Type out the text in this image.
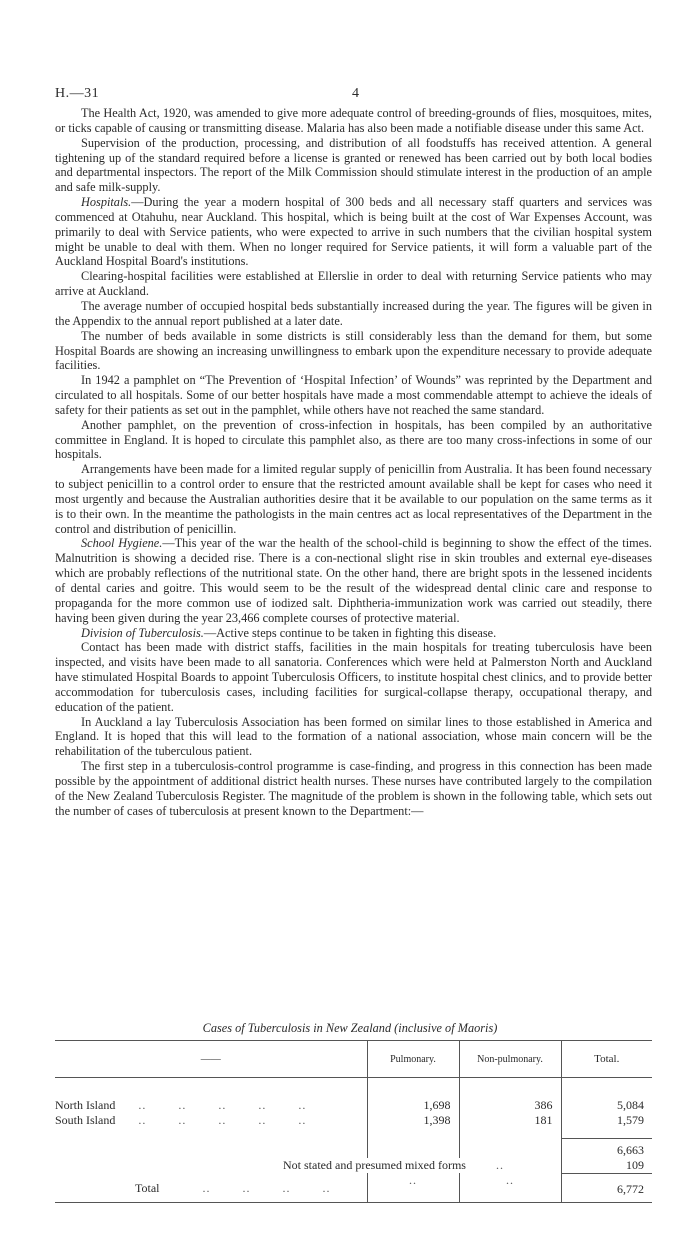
H.—31	4

The Health Act, 1920, was amended to give more adequate control of breeding-grounds of flies, mosquitoes, mites, or ticks capable of causing or transmitting disease. Malaria has also been made a notifiable disease under this same Act.

Supervision of the production, processing, and distribution of all foodstuffs has received attention. A general tightening up of the standard required before a license is granted or renewed has been carried out by both local bodies and departmental inspectors. The report of the Milk Commission should stimulate interest in the production of an ample and safe milk-supply.

Hospitals.—During the year a modern hospital of 300 beds and all necessary staff quarters and services was commenced at Otahuhu, near Auckland. This hospital, which is being built at the cost of War Expenses Account, was primarily to deal with Service patients, who were expected to arrive in such numbers that the civilian hospital system might be unable to deal with them. When no longer required for Service patients, it will form a valuable part of the Auckland Hospital Board's institutions.

Clearing-hospital facilities were established at Ellerslie in order to deal with returning Service patients who may arrive at Auckland.

The average number of occupied hospital beds substantially increased during the year. The figures will be given in the Appendix to the annual report published at a later date.

The number of beds available in some districts is still considerably less than the demand for them, but some Hospital Boards are showing an increasing unwillingness to embark upon the expenditure necessary to provide adequate facilities.

In 1942 a pamphlet on “The Prevention of ‘Hospital Infection’ of Wounds” was reprinted by the Department and circulated to all hospitals. Some of our better hospitals have made a most commendable attempt to achieve the ideals of safety for their patients as set out in the pamphlet, while others have not reached the same standard.

Another pamphlet, on the prevention of cross-infection in hospitals, has been compiled by an authoritative committee in England. It is hoped to circulate this pamphlet also, as there are too many cross-infections in some of our hospitals.

Arrangements have been made for a limited regular supply of penicillin from Australia. It has been found necessary to subject penicillin to a control order to ensure that the restricted amount available shall be kept for cases who need it most urgently and because the Australian authorities desire that it be available to our population on the same terms as it is to their own. In the meantime the pathologists in the main centres act as local representatives of the Department in the control and distribution of penicillin.

School Hygiene.—This year of the war the health of the school-child is beginning to show the effect of the times. Malnutrition is showing a decided rise. There is a con-nectional slight rise in skin troubles and external eye-diseases which are probably reflections of the nutritional state. On the other hand, there are bright spots in the lessened incidents of dental caries and goitre. This would seem to be the result of the widespread dental clinic care and response to propaganda for the more common use of iodized salt. Diphtheria-immunization work was carried out steadily, there having been given during the year 23,466 complete courses of protective material.

Division of Tuberculosis.—Active steps continue to be taken in fighting this disease.

Contact has been made with district staffs, facilities in the main hospitals for treating tuberculosis have been inspected, and visits have been made to all sanatoria. Conferences which were held at Palmerston North and Auckland have stimulated Hospital Boards to appoint Tuberculosis Officers, to institute hospital chest clinics, and to provide better accommodation for tuberculosis cases, including facilities for surgical-collapse therapy, occupational therapy, and education of the patient.

In Auckland a lay Tuberculosis Association has been formed on similar lines to those established in America and England. It is hoped that this will lead to the formation of a national association, whose main concern will be the rehabilitation of the tuberculous patient.

The first step in a tuberculosis-control programme is case-finding, and progress in this connection has been made possible by the appointment of additional district health nurses. These nurses have contributed largely to the compilation of the New Zealand Tuberculosis Register. The magnitude of the problem is shown in the following table, which sets out the number of cases of tuberculosis at present known to the Department:—

Cases of Tuberculosis in New Zealand (inclusive of Maoris)
——	Pulmonary.	Non-pulmonary.	Total.

North Island ..        ..        ..        ..        ..	1,698	386	5,084
South Island ..        ..        ..        ..        ..	1,398	181	1,579

			6,663
Not stated and presumed mixed forms ..			109
Total ..        ..        ..        ..	..	..	6,772
